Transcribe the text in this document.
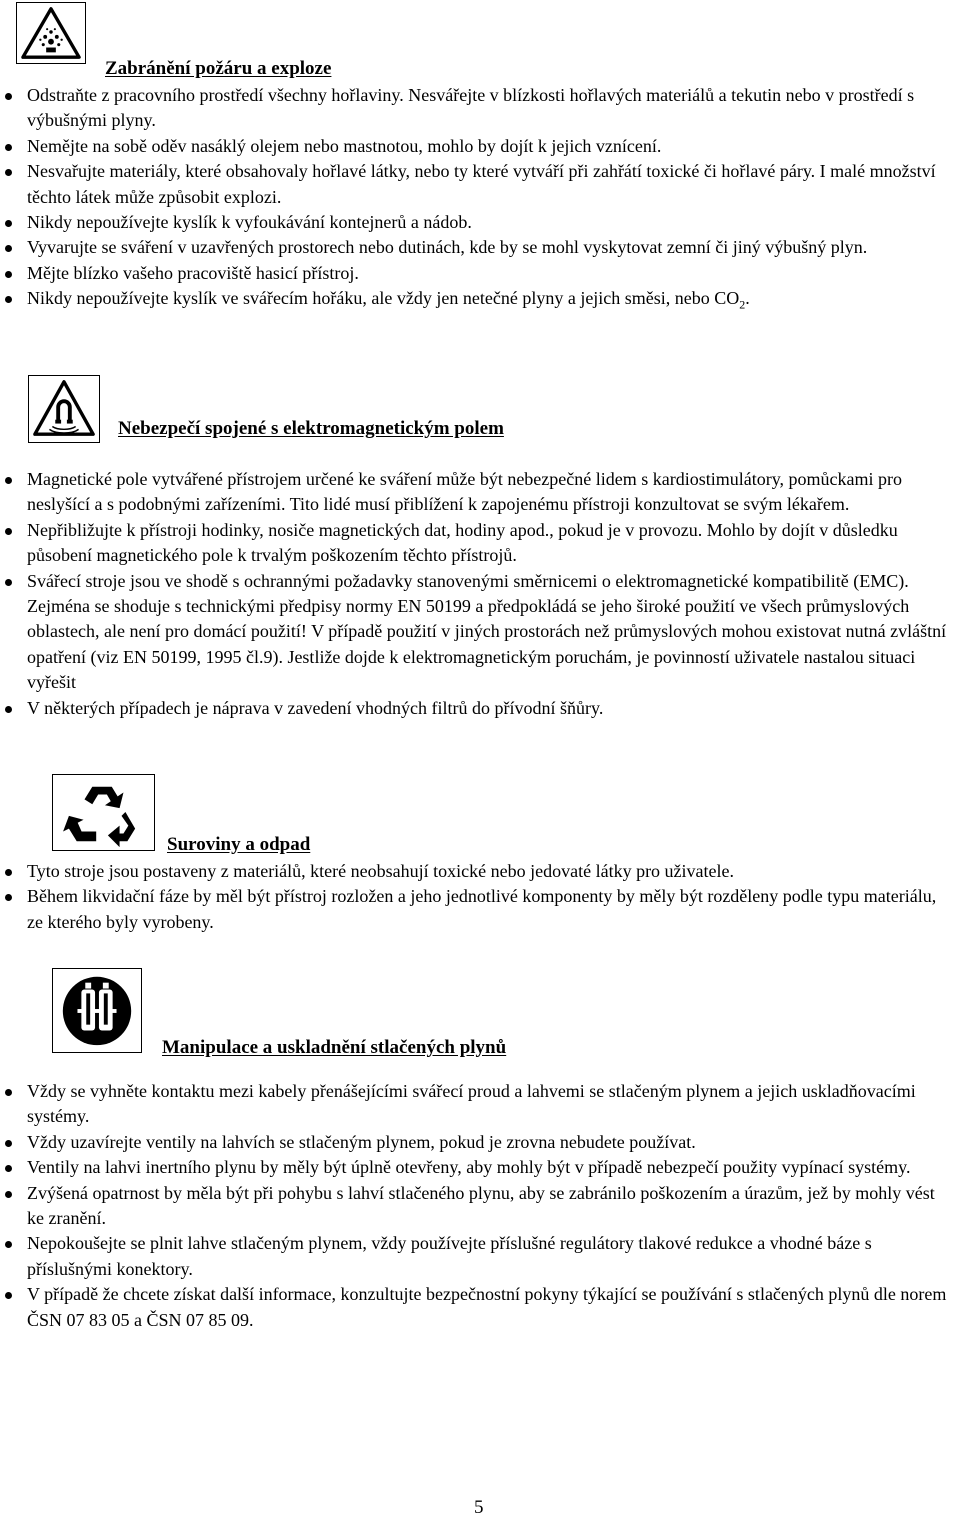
Zabránění požáru a exploze
Odstraňte z pracovního prostředí všechny hořlaviny. Nesvářejte v blízkosti hořlavých materiálů a tekutin nebo v prostředí s výbušnými plyny.
Nemějte na sobě oděv nasáklý olejem nebo mastnotou, mohlo by dojít k jejich vznícení.
Nesvařujte materiály, které obsahovaly hořlavé látky, nebo ty které vytváří při zahřátí toxické či hořlavé páry. I malé množství těchto látek může způsobit explozi.
Nikdy nepoužívejte kyslík k vyfoukávání kontejnerů a nádob.
Vyvarujte se sváření v uzavřených prostorech nebo dutinách, kde by se mohl vyskytovat zemní či jiný výbušný plyn.
Mějte blízko vašeho pracoviště hasicí přístroj.
Nikdy nepoužívejte kyslík ve svářecím hořáku, ale vždy jen netečné plyny a jejich směsi, nebo $CO_2$.
Nebezpečí spojené s elektromagnetickým polem
Magnetické pole vytvářené přístrojem určené ke sváření může být nebezpečné lidem s kardiostimulátory, pomůckami pro neslyšící a s podobnými zařízeními. Tito lidé musí přiblížení k zapojenému přístroji konzultovat se svým lékařem.
Nepřibližujte k přístroji hodinky, nosiče magnetických dat, hodiny apod., pokud je v provozu. Mohlo by dojít v důsledku působení magnetického pole k trvalým poškozením těchto přístrojů.
Svářecí stroje jsou ve shodě s ochrannými požadavky stanovenými směrnicemi o elektromagnetické kompatibilitě (EMC). Zejména se shoduje s technickými předpisy normy EN 50199 a předpokládá se jeho široké použití ve všech průmyslových oblastech, ale není pro domácí použití! V případě použití v jiných prostorách než průmyslových mohou existovat nutná zvláštní opatření (viz EN 50199, 1995 čl.9). Jestliže dojde k elektromagnetickým poruchám, je povinností uživatele nastalou situaci vyřešit
V některých případech je náprava v zavedení vhodných filtrů do přívodní šňůry.
Suroviny a odpad
Tyto stroje jsou postaveny z materiálů, které neobsahují toxické nebo jedovaté látky pro uživatele.
Během likvidační fáze by měl být přístroj rozložen a jeho jednotlivé komponenty by měly být rozděleny podle typu materiálu, ze kterého byly vyrobeny.
Manipulace a uskladnění stlačených plynů
Vždy se vyhněte kontaktu mezi kabely přenášejícími svářecí proud a lahvemi se stlačeným plynem a jejich uskladňovacími systémy.
Vždy uzavírejte ventily na lahvích se stlačeným plynem, pokud je zrovna nebudete používat.
Ventily na lahvi inertního plynu by měly být úplně otevřeny, aby mohly být v případě nebezpečí použity vypínací systémy.
Zvýšená opatrnost by měla být při pohybu s lahví stlačeného plynu, aby se zabránilo poškozením a úrazům, jež by mohly vést ke zranění.
Nepokoušejte se plnit lahve stlačeným plynem, vždy používejte příslušné regulátory tlakové redukce a vhodné báze s příslušnými konektory.
V případě že chcete získat další informace, konzultujte bezpečnostní pokyny týkající se používání s stlačených plynů dle norem ČSN 07 83 05 a ČSN 07 85 09.
5
